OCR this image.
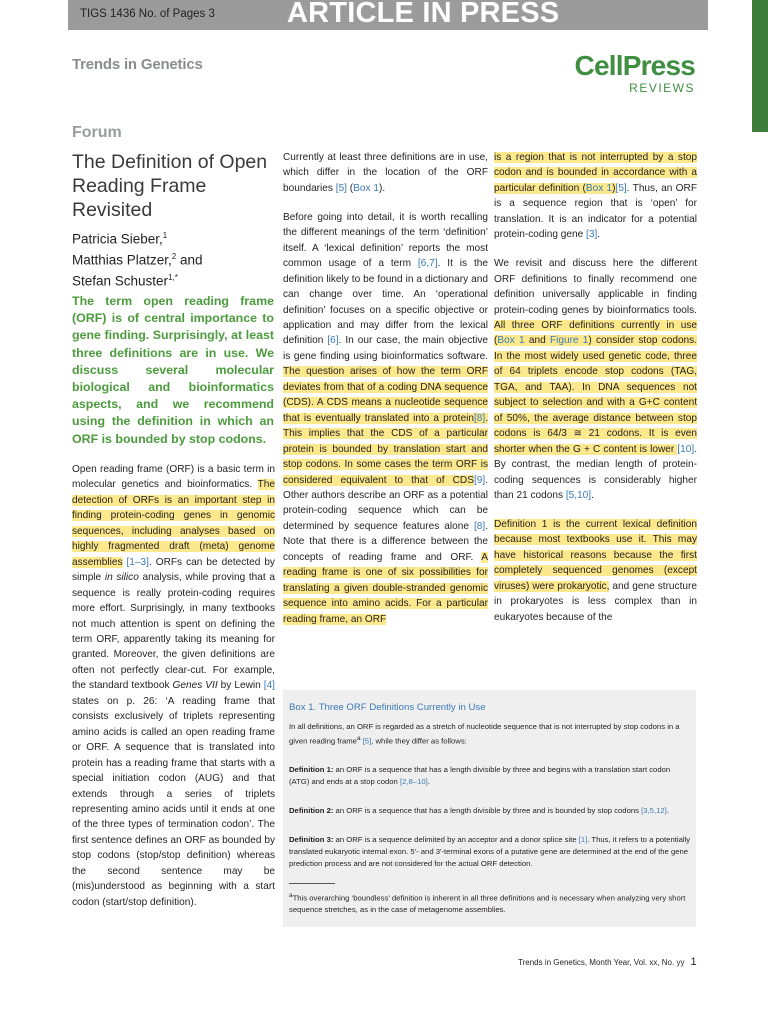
TIGS 1436 No. of Pages 3 ARTICLE IN PRESS
Trends in Genetics	CellPress
REVIEWS
Forum
The Definition of Open Reading Frame Revisited
Patricia Sieber,$^1$
Matthias Platzer,$^2$ and
Stefan Schuster$^{1,*}$
The term open reading frame (ORF) is of central importance to gene finding. Surprisingly, at least three definitions are in use. We discuss several molecular biological and bioinformatics aspects, and we recommend using the definition in which an ORF is bounded by stop codons.

Open reading frame (ORF) is a basic term in molecular genetics and bioinformatics. The detection of ORFs is an important step in finding protein-coding genes in genomic sequences, including analyses based on highly fragmented draft (meta) genome assemblies [1–3]. ORFs can be detected by simple in silico analysis, while proving that a sequence is really protein-coding requires more effort. Surprisingly, in many textbooks not much attention is spent on defining the term ORF, apparently taking its meaning for granted. Moreover, the given definitions are often not perfectly clear-cut. For example, the standard textbook Genes VII by Lewin [4] states on p. 26: ‘A reading frame that consists exclusively of triplets representing amino acids is called an open reading frame or ORF. A sequence that is translated into protein has a reading frame that starts with a special initiation codon (AUG) and that extends through a series of triplets representing amino acids until it ends at one of the three types of termination codon’. The first sentence defines an ORF as bounded by stop codons (stop/stop definition) whereas the second sentence may be (mis)understood as beginning with a start codon (start/stop definition).

Currently at least three definitions are in use, which differ in the location of the ORF boundaries [5] (Box 1).

Before going into detail, it is worth recalling the different meanings of the term ‘definition’ itself. A ‘lexical definition’ reports the most common usage of a term [6,7]. It is the definition likely to be found in a dictionary and can change over time. An ‘operational definition’ focuses on a specific objective or application and may differ from the lexical definition [6]. In our case, the main objective is gene finding using bioinformatics software. The question arises of how the term ORF deviates from that of a coding DNA sequence (CDS). A CDS means a nucleotide sequence that is eventually translated into a protein[8]. This implies that the CDS of a particular protein is bounded by translation start and stop codons. In some cases the term ORF is considered equivalent to that of CDS[9]. Other authors describe an ORF as a potential protein-coding sequence which can be determined by sequence features alone [8]. Note that there is a difference between the concepts of reading frame and ORF. A reading frame is one of six possibilities for translating a given double-stranded genomic sequence into amino acids. For a particular reading frame, an ORF

is a region that is not interrupted by a stop codon and is bounded in accordance with a particular definition (Box 1)[5]. Thus, an ORF is a sequence region that is ‘open’ for translation. It is an indicator for a potential protein-coding gene [3].

We revisit and discuss here the different ORF definitions to finally recommend one definition universally applicable in finding protein-coding genes by bioinformatics tools. All three ORF definitions currently in use (Box 1 and Figure 1) consider stop codons. In the most widely used genetic code, three of 64 triplets encode stop codons (TAG, TGA, and TAA). In DNA sequences not subject to selection and with a G+C content of 50%, the average distance between stop codons is 64/3 ≅ 21 codons. It is even shorter when the G + C content is lower [10]. By contrast, the median length of protein-coding sequences is considerably higher than 21 codons [5,10].

Definition 1 is the current lexical definition because most textbooks use it. This may have historical reasons because the first completely sequenced genomes (except viruses) were prokaryotic, and gene structure in prokaryotes is less complex than in eukaryotes because of the

Box 1. Three ORF Definitions Currently in Use

In all definitions, an ORF is regarded as a stretch of nucleotide sequence that is not interrupted by stop codons in a given reading frame$^a$ [5], while they differ as follows:

Definition 1: an ORF is a sequence that has a length divisible by three and begins with a translation start codon (ATG) and ends at a stop codon [2,8–10].

Definition 2: an ORF is a sequence that has a length divisible by three and is bounded by stop codons [3,5,12].

Definition 3: an ORF is a sequence delimited by an acceptor and a donor splice site [1]. Thus, it refers to a potentially translated eukaryotic internal exon. 5′- and 3′-terminal exons of a putative gene are determined at the end of the gene prediction process and are not considered for the actual ORF detection.

$^a$This overarching ‘boundless’ definition is inherent in all three definitions and is necessary when analyzing very short sequence stretches, as in the case of metagenome assemblies.
Trends in Genetics, Month Year, Vol. xx, No. yy 1
